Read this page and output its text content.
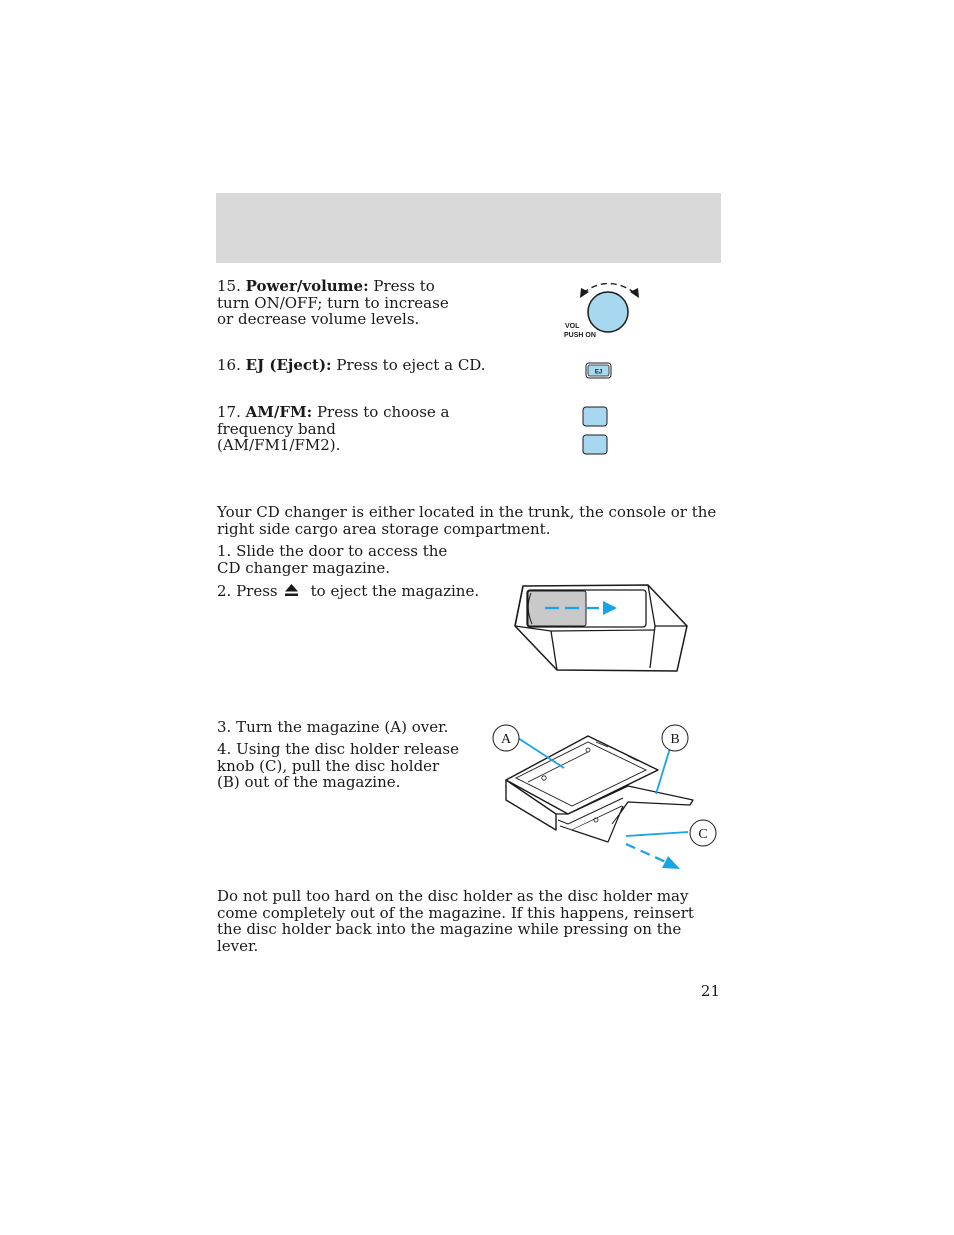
15. Power/volume: Press to turn ON/OFF; turn to increase or decrease volume levels.

16. EJ (Eject): Press to eject a CD.

17. AM/FM: Press to choose a frequency band (AM/FM1/FM2).

VOL
PUSH ON
EJ

Your CD changer is either located in the trunk, the console or the right side cargo area storage compartment.

1. Slide the door to access the CD changer magazine.

2. Press to eject the magazine.

3. Turn the magazine (A) over.

4. Using the disc holder release knob (C), pull the disc holder (B) out of the magazine.

A	B
C

Do not pull too hard on the disc holder as the disc holder may come completely out of the magazine. If this happens, reinsert the disc holder back into the magazine while pressing on the lever.

21
